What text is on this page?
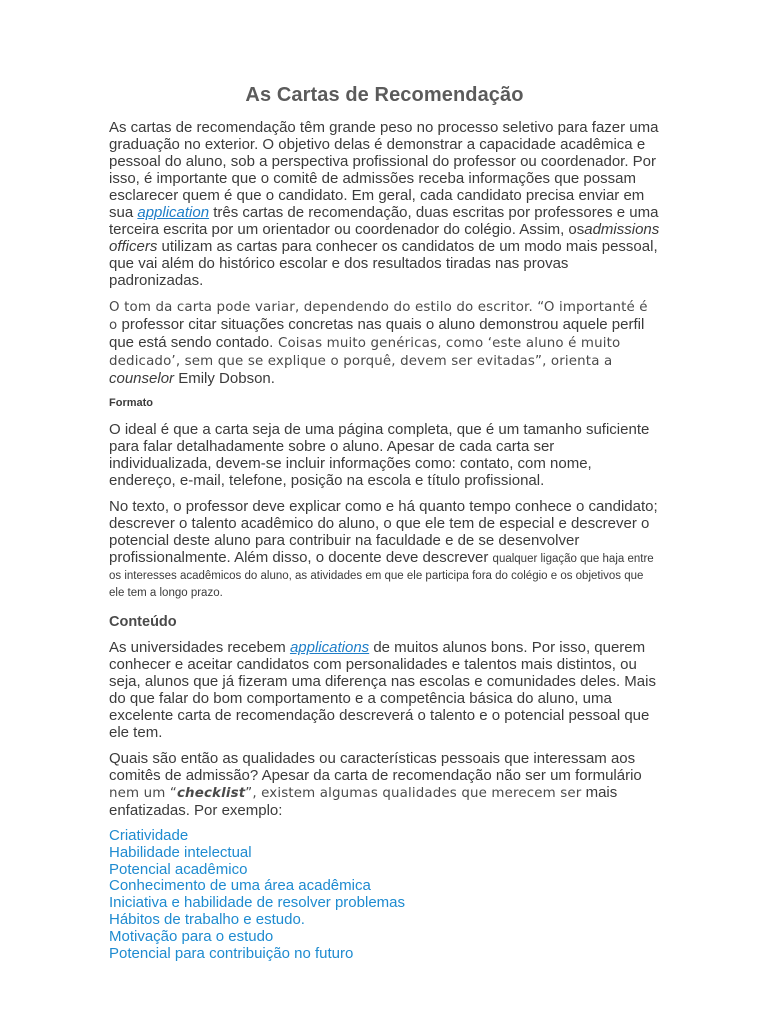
As Cartas de Recomendação

As cartas de recomendação têm grande peso no processo seletivo para fazer uma graduação no exterior. O objetivo delas é demonstrar a capacidade acadêmica e pessoal do aluno, sob a perspectiva profissional do professor ou coordenador. Por isso, é importante que o comitê de admissões receba informações que possam esclarecer quem é que o candidato. Em geral, cada candidato precisa enviar em sua application três cartas de recomendação, duas escritas por professores e uma terceira escrita por um orientador ou coordenador do colégio. Assim, osadmissions officers utilizam as cartas para conhecer os candidatos de um modo mais pessoal, que vai além do histórico escolar e dos resultados tiradas nas provas padronizadas.

O tom da carta pode variar, dependendo do estilo do escritor. “O importanté é o professor citar situações concretas nas quais o aluno demonstrou aquele perfil que está sendo contado. Coisas muito genéricas, como ‘este aluno é muito dedicado’, sem que se explique o porquê, devem ser evitadas”, orienta a counselor Emily Dobson.

Formato

O ideal é que a carta seja de uma página completa, que é um tamanho suficiente para falar detalhadamente sobre o aluno. Apesar de cada carta ser individualizada, devem-se incluir informações como: contato, com nome, endereço, e-mail, telefone, posição na escola e título profissional.

No texto, o professor deve explicar como e há quanto tempo conhece o candidato; descrever o talento acadêmico do aluno, o que ele tem de especial e descrever o potencial deste aluno para contribuir na faculdade e de se desenvolver profissionalmente. Além disso, o docente deve descrever qualquer ligação que haja entre os interesses acadêmicos do aluno, as atividades em que ele participa fora do colégio e os objetivos que ele tem a longo prazo.

Conteúdo

As universidades recebem applications de muitos alunos bons. Por isso, querem conhecer e aceitar candidatos com personalidades e talentos mais distintos, ou seja, alunos que já fizeram uma diferença nas escolas e comunidades deles. Mais do que falar do bom comportamento e a competência básica do aluno, uma excelente carta de recomendação descreverá o talento e o potencial pessoal que ele tem.

Quais são então as qualidades ou características pessoais que interessam aos comitês de admissão? Apesar da carta de recomendação não ser um formulário nem um “checklist”, existem algumas qualidades que merecem ser mais enfatizadas. Por exemplo:

Criatividade
Habilidade intelectual
Potencial acadêmico
Conhecimento de uma área acadêmica
Iniciativa e habilidade de resolver problemas
Hábitos de trabalho e estudo.
Motivação para o estudo
Potencial para contribuição no futuro
